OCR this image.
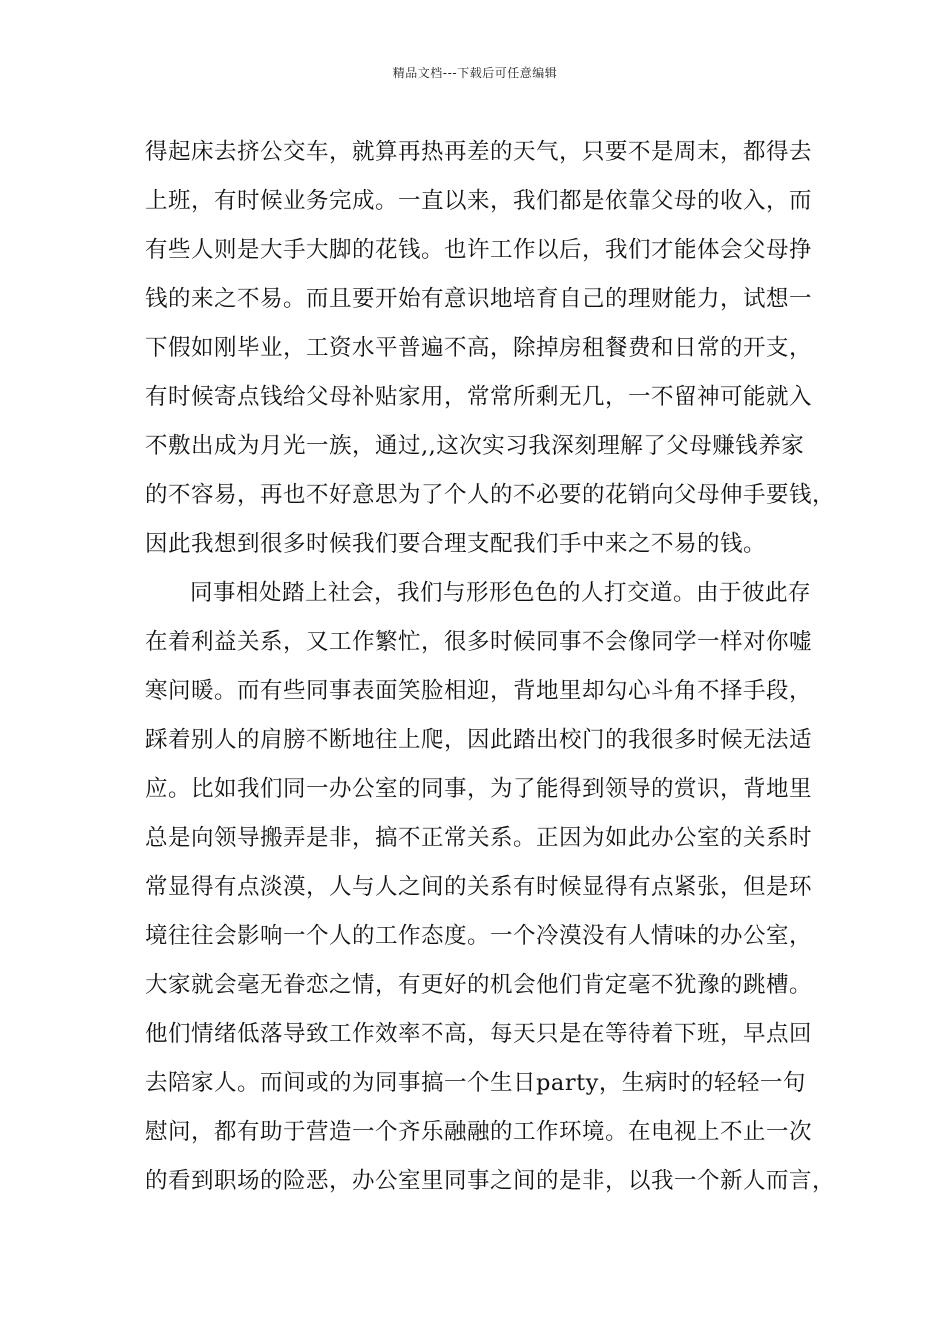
精品文档---下载后可任意编辑
得起床去挤公交车，就算再热再差的天气，只要不是周末，都得去
上班，有时候业务完成。一直以来，我们都是依靠父母的收入，而
有些人则是大手大脚的花钱。也许工作以后，我们才能体会父母挣
钱的来之不易。而且要开始有意识地培育自己的理财能力，试想一
下假如刚毕业，工资水平普遍不高，除掉房租餐费和日常的开支，
有时候寄点钱给父母补贴家用，常常所剩无几，一不留神可能就入
不敷出成为月光一族，通过,,这次实习我深刻理解了父母赚钱养家
的不容易，再也不好意思为了个人的不必要的花销向父母伸手要钱，
因此我想到很多时候我们要合理支配我们手中来之不易的钱。
同事相处踏上社会，我们与形形色色的人打交道。由于彼此存
在着利益关系，又工作繁忙，很多时候同事不会像同学一样对你嘘
寒问暖。而有些同事表面笑脸相迎，背地里却勾心斗角不择手段，
踩着别人的肩膀不断地往上爬，因此踏出校门的我很多时候无法适
应。比如我们同一办公室的同事，为了能得到领导的赏识，背地里
总是向领导搬弄是非，搞不正常关系。正因为如此办公室的关系时
常显得有点淡漠，人与人之间的关系有时候显得有点紧张，但是环
境往往会影响一个人的工作态度。一个冷漠没有人情味的办公室，
大家就会毫无眷恋之情，有更好的机会他们肯定毫不犹豫的跳槽。
他们情绪低落导致工作效率不高，每天只是在等待着下班，早点回
去陪家人。而间或的为同事搞一个生日party，生病时的轻轻一句
慰问，都有助于营造一个齐乐融融的工作环境。在电视上不止一次
的看到职场的险恶，办公室里同事之间的是非，以我一个新人而言，
